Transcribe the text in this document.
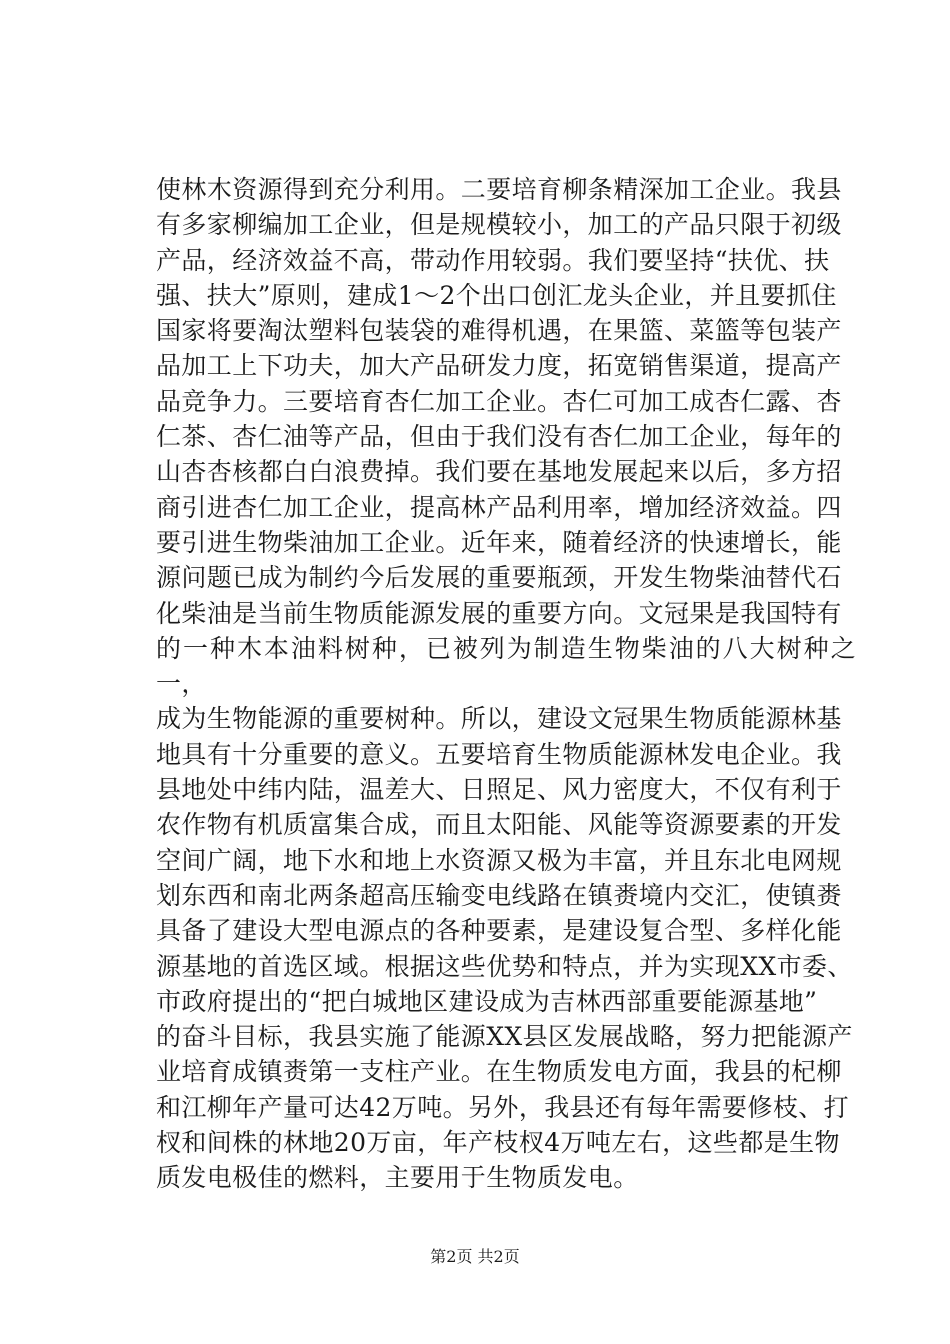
使林木资源得到充分利用。二要培育柳条精深加工企业。我县
有多家柳编加工企业，但是规模较小，加工的产品只限于初级
产品，经济效益不高，带动作用较弱。我们要坚持“扶优、扶
强、扶大”原则，建成1～2个出口创汇龙头企业，并且要抓住
国家将要淘汰塑料包装袋的难得机遇，在果篮、菜篮等包装产
品加工上下功夫，加大产品研发力度，拓宽销售渠道，提高产
品竞争力。三要培育杏仁加工企业。杏仁可加工成杏仁露、杏
仁茶、杏仁油等产品，但由于我们没有杏仁加工企业，每年的
山杏杏核都白白浪费掉。我们要在基地发展起来以后，多方招
商引进杏仁加工企业，提高林产品利用率，增加经济效益。四
要引进生物柴油加工企业。近年来，随着经济的快速增长，能
源问题已成为制约今后发展的重要瓶颈，开发生物柴油替代石
化柴油是当前生物质能源发展的重要方向。文冠果是我国特有
的一种木本油料树种，已被列为制造生物柴油的八大树种之一，
成为生物能源的重要树种。所以，建设文冠果生物质能源林基
地具有十分重要的意义。五要培育生物质能源林发电企业。我
县地处中纬内陆，温差大、日照足、风力密度大，不仅有利于
农作物有机质富集合成，而且太阳能、风能等资源要素的开发
空间广阔，地下水和地上水资源又极为丰富，并且东北电网规
划东西和南北两条超高压输变电线路在镇赉境内交汇，使镇赉
具备了建设大型电源点的各种要素，是建设复合型、多样化能
源基地的首选区域。根据这些优势和特点，并为实现XX市委、
市政府提出的“把白城地区建设成为吉林西部重要能源基地”
的奋斗目标，我县实施了能源XX县区发展战略，努力把能源产
业培育成镇赉第一支柱产业。在生物质发电方面，我县的杞柳
和江柳年产量可达42万吨。另外，我县还有每年需要修枝、打
杈和间株的林地20万亩，年产枝杈4万吨左右，这些都是生物
质发电极佳的燃料，主要用于生物质发电。

第2页 共2页
